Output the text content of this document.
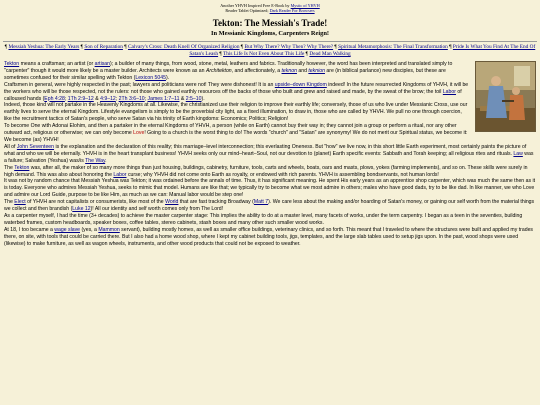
Another YHVH Inspired Free E-Book by Mystic of YHVH
Reader Tablet Optimized; Dark Reader For Browsers
Tekton: The Messiah's Trade!
In Messianic Kingdoms, Carpenters Reign!
¶ Messiah Yeshua: The Early Years ¶ Son of Reparation ¶ Calvary's Cross: Death Knell Of Organized Religion ¶ But Why There? Why Then? Why There? ¶ Spiritual Metamorphosis: The Final Transformation ¶ Pride Is What You Find At The End Of Satan's Leash ¶ This Life Is Not Even About This Life ¶ Dead Man Walking

Tekton means a craftsman; an artist (or artisan); a builder of many things, from wood, stone, metal, leathers and fabrics. Traditionally however, the word has been interpreted and translated simply to "carpenter" though it would more likely be a master builder. Architects were known as an Architekton, and affectionately, a teknon and teknion are (in biblical parlance) new disciples, but these are sometimes confused for their similar spelling with Tekton (Lexicon 5045).

Craftsmen in general, were highly respected in the past; lawyers and politicians were not! They were dishonest! It is an upside–down Kingdom indeed! In the future resurrected Kingdoms of YHVH, it will be the workers who will be those respected, not the rulers: not those who gained earthly resources off the backs of those who built and grew and raised and made, by the sweat of the brow; the toil Labor of calloused hands (Eph 4:28; 1Th 2:9–12 & 4:9–12; 2Th 3:6–10; James 1:7–11 & 2:5–10).

Indeed, those kind will not partake in the Heavenly Kingdoms at all. Likewise, the christianized use their religion to improve their earthly life; conversely, those of us who live under Messianic Cross, use our earthly lives to serve the eternal Kingdom. Lifestyle evangelism is simply to be the proverbial city light, as a fixed illumination, to draw in, those who are called by YHVH. We pull no one through coercion, like the recruitment tactics of Satan's people, who serve Satan via his trinity of Earth kingdoms: Economics; Politics; Religion!

To become One with Adonai Elohim, and then a partaker in the eternal Kingdoms of YHVH, a person (while on Earth) cannot buy their way in; they cannot join a group or perform a ritual, nor any other outward act, religious or otherwise; we can only become Love! Going to a church is the worst thing to do! The words "church" and "Satan" are synonymy! We do not merit our Spiritual status, we become it: We become (as) YHVH!

All of John Seventeen is the explanation and the declaration of this reality; this marriage–level interconnection; this everlasting Oneness. But "how" we live now, in this short little Earth experiment, most certainly paints the picture of what and who we will be eternally. YHVH is in the heart transplant business! YHVH seeks only our mind–heart–Soul, not our devotion to (planet) Earth specific events: Sabbath and Torah keeping; all religious rites and rituals. Law was a failure; Salvation (Yeshua) was/is The Way.

The Tekton was, after all, the maker of so many more things than just housing, buildings, cabinetry, furniture, tools, carts and wheels, boats, oars and masts, plows, yokes (farming implements), and so on. These skills were surely in high demand. This was also about honoring the Labor curse; why YHVH did not come onto Earth as royalty, or endowed with rich parents. YHVH is assembling bondservants, not human lords!

It was not by random chance that Messiah Yeshua was Tekton; it was ordained before the annals of time. Thus, it has significant meaning. He spent His early years as an apprentice shop carpenter, which was much the same then as it is today. Everyone who admires Messiah Yeshua, seeks to mimic that model. Humans are like that; we typically try to become what we most admire in others; males who have good dads, try to be like dad. In like manner, we who Love and admire our Lord Guide, purpose to be like Him, as much as we can: Manual labor would be step one!

The Elect of YHVH are not capitalists or consumerists, like most of the World that are fast tracking Broadway (Matt 7). We care less about the making and/or hoarding of Satan's money, or gaining our self worth from the material things we collect and then brandish (Luke 12)! All our identity and self worth comes only from The Lord!

As a carpenter myself, I had the time (3+ decades) to achieve the master carpenter stage: This implies the ability to do at a master level, many facets of works, under the term carpentry. I began as a teen in the seventies, building waterbed frames, custom headboards, speaker boxes, coffee tables, stereo cabinets, stash boxes and many other such smaller wood works.

At 18, I too became a wage slave (yes, a Mammon servant), building mostly homes, as well as smaller office buildings, veterinary clinics, and so forth. This meant that I traveled to where the structures were built and applied my trades there, on site, with tools that could be carried there. But I also had a home wood shop, where I kept my cabinet building tools, jigs, templates, and the large slab tables used to setup jigs upon. In the past, wood shops were used (likewise) to make furniture, as well as wagon wheels, instruments, and other wood products that could not be exposed to weather.
